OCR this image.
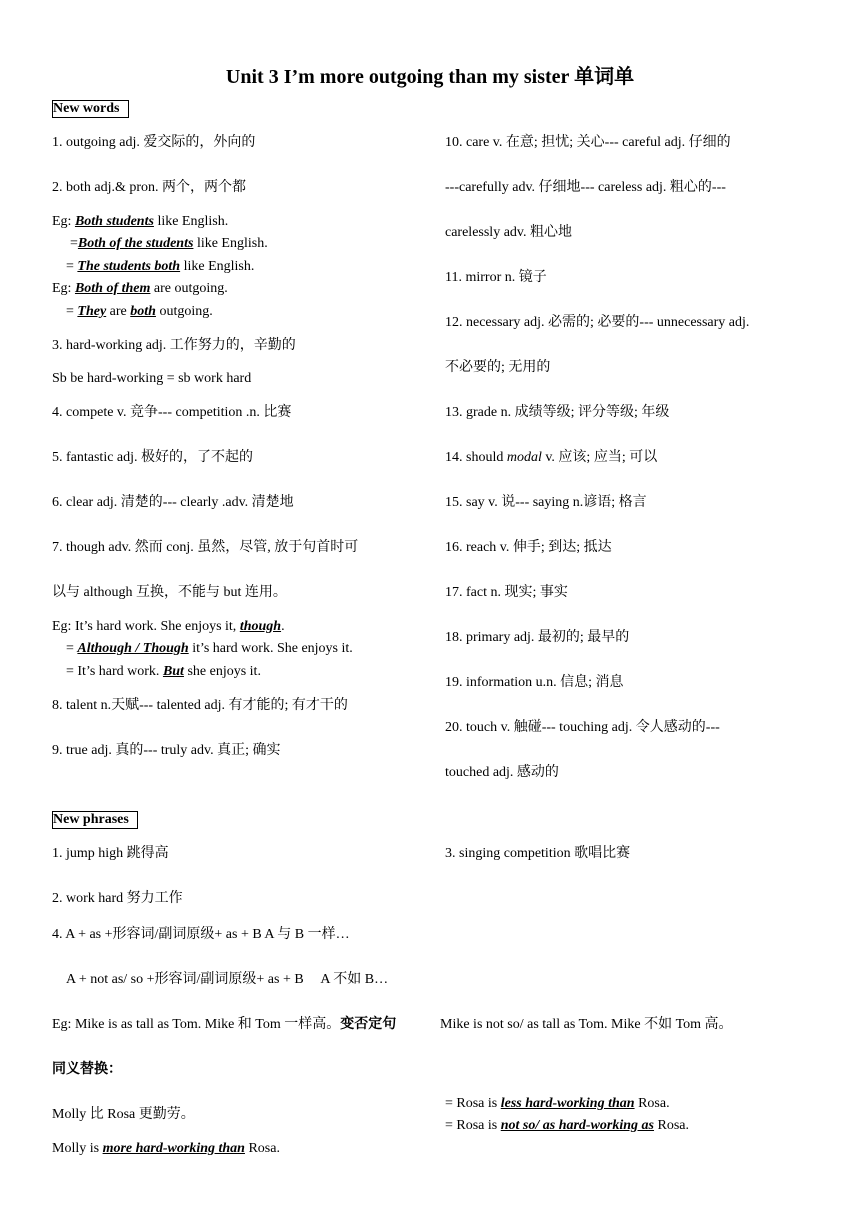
Unit 3 I’m more outgoing than my sister 单词单
New words
1. outgoing adj. 爱交际的，外向的
2. both adj.& pron. 两个，两个都
Eg: Both students like English.
=Both of the students like English.
= The students both like English.
Eg: Both of them are outgoing.
= They are both outgoing.
3. hard-working adj. 工作努力的，辛勤的
Sb be hard-working = sb work hard
4. compete v. 竞争--- competition .n. 比赛
5. fantastic adj. 极好的，了不起的
6. clear adj. 清楚的--- clearly .adv. 清楚地
7. though adv. 然而 conj. 虽然，尽管, 放于句首时可
以与 although 互换，不能与 but 连用。
Eg: It’s hard work. She enjoys it, though.
= Although / Though it’s hard work. She enjoys it.
= It’s hard work. But she enjoys it.
8. talent n.天赋--- talented adj. 有才能的; 有才干的
9. true adj. 真的--- truly adv. 真正; 确实
10. care v. 在意; 担忧; 关心--- careful adj. 仔细的
---carefully adv. 仔细地--- careless adj. 粗心的---
carelessly adv. 粗心地
11. mirror n. 镜子
12. necessary adj. 必需的; 必要的--- unnecessary adj.
不必要的; 无用的
13. grade n. 成绩等级; 评分等级; 年级
14. should modal v. 应该; 应当; 可以
15. say v. 说--- saying n.谚语; 格言
16. reach v. 伸手; 到达; 抵达
17. fact n. 现实; 事实
18. primary adj. 最初的; 最早的
19. information u.n. 信息; 消息
20. touch v. 触碰--- touching adj. 令人感动的---
touched adj. 感动的
New phrases
1. jump high 跳得高	3. singing competition 歌唱比赛
2. work hard 努力工作
4. A + as +形容词/副词原级+ as + B A 与 B 一样…
A + not as/ so +形容词/副词原级+ as + B     A 不如 B…
Eg: Mike is as tall as Tom. Mike 和 Tom 一样高。变否定句	Mike is not so/ as tall as Tom. Mike 不如 Tom 高。
同义替换：
Molly 比 Rosa 更勤劳。
Molly is more hard-working than Rosa.
= Rosa is less hard-working than Rosa.
= Rosa is not so/ as hard-working as Rosa.
